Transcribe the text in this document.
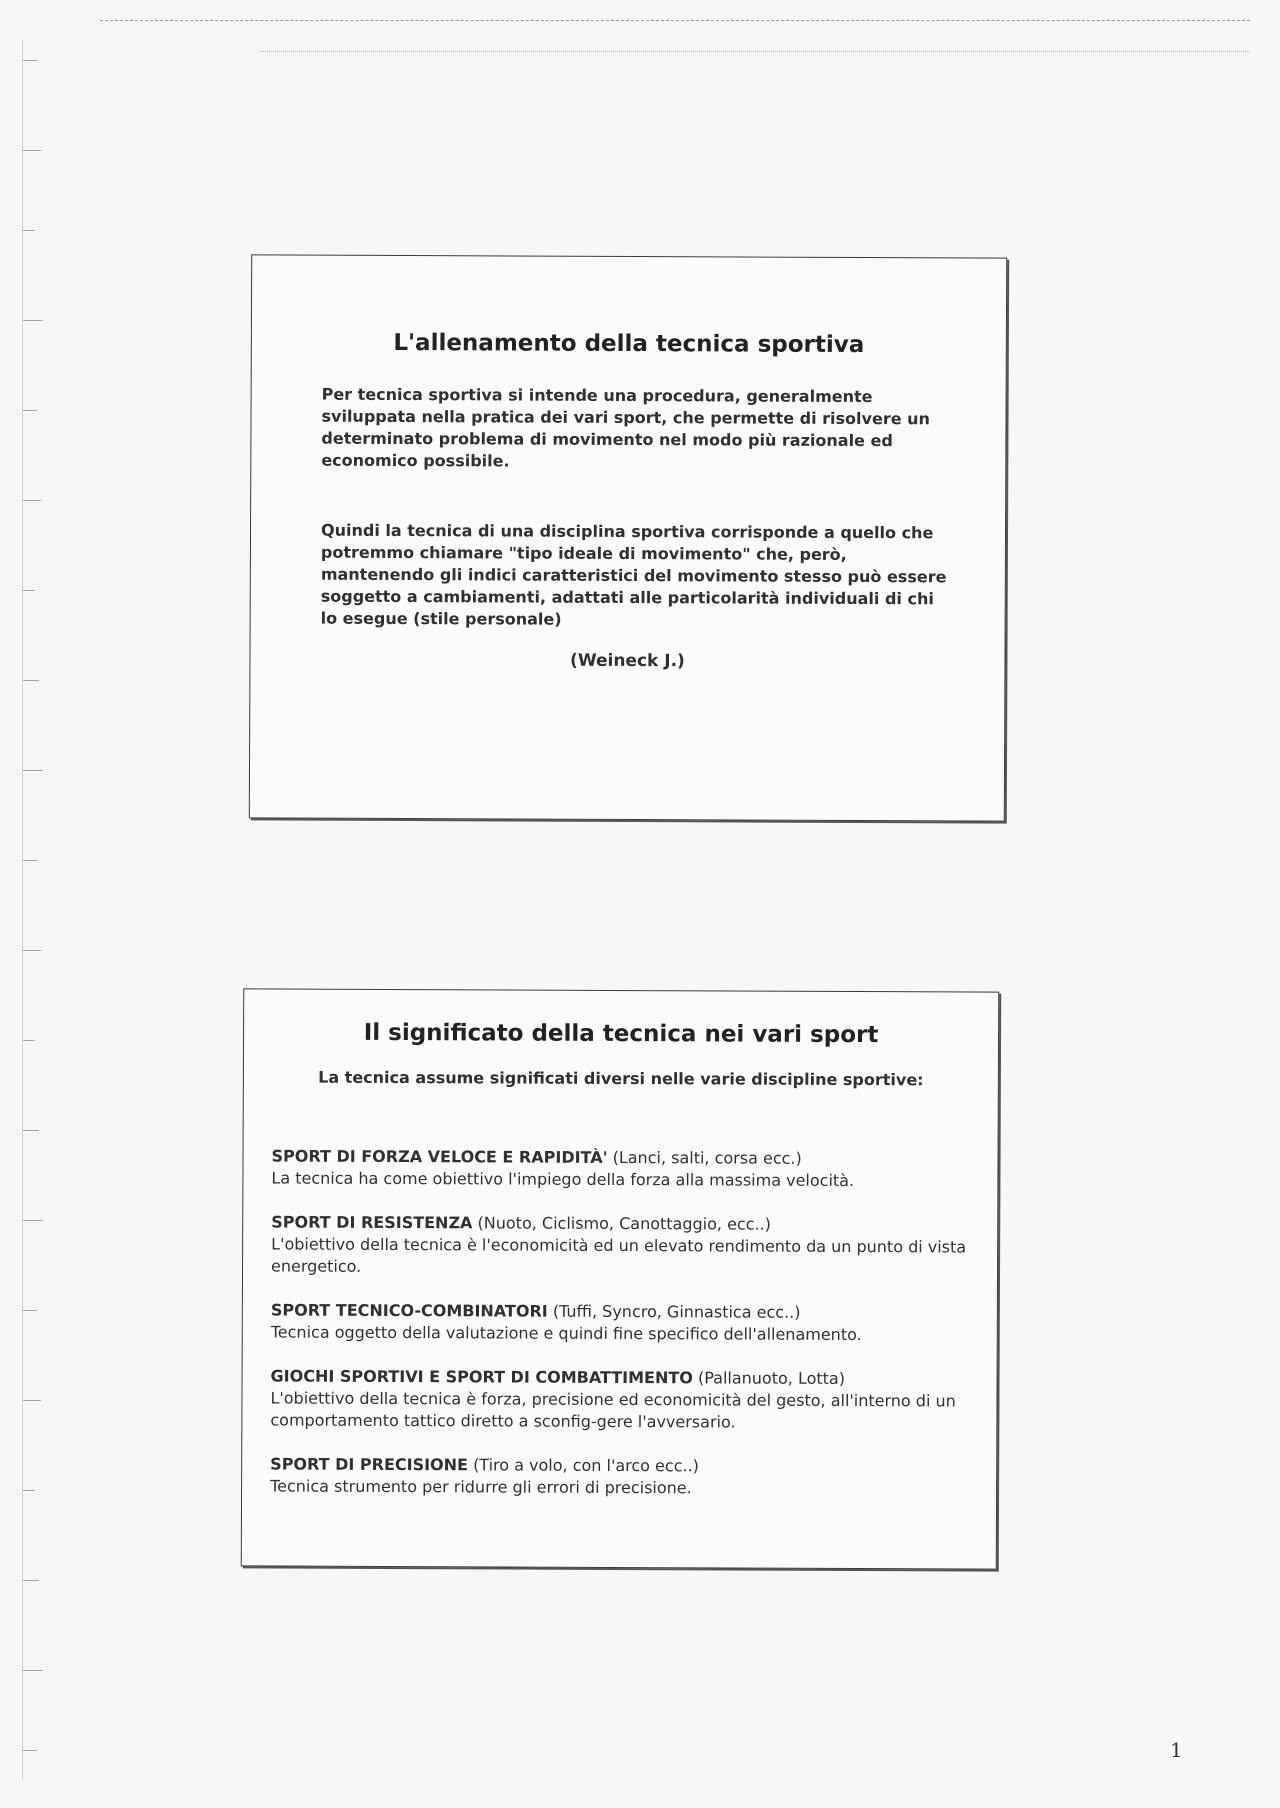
L'allenamento della tecnica sportiva

Per tecnica sportiva si intende una procedura, generalmente sviluppata nella pratica dei vari sport, che permette di risolvere un determinato problema di movimento nel modo più razionale ed economico possibile.

Quindi la tecnica di una disciplina sportiva corrisponde a quello che potremmo chiamare "tipo ideale di movimento" che, però, mantenendo gli indici caratteristici del movimento stesso può essere soggetto a cambiamenti, adattati alle particolarità individuali di chi lo esegue (stile personale)

(Weineck J.)
Il significato della tecnica nei vari sport
La tecnica assume significati diversi nelle varie discipline sportive:
SPORT DI FORZA VELOCE E RAPIDITÀ' (Lanci, salti, corsa ecc.)
La tecnica ha come obiettivo l'impiego della forza alla massima velocità.
SPORT DI RESISTENZA (Nuoto, Ciclismo, Canottaggio, ecc..)
L'obiettivo della tecnica è l'economicità ed un elevato rendimento da un punto di vista energetico.
SPORT TECNICO-COMBINATORI (Tuffi, Syncro, Ginnastica ecc..)
Tecnica oggetto della valutazione e quindi fine specifico dell'allenamento.
GIOCHI SPORTIVI E SPORT DI COMBATTIMENTO (Pallanuoto, Lotta)
L'obiettivo della tecnica è forza, precisione ed economicità del gesto, all'interno di un comportamento tattico diretto a sconfig-gere l'avversario.
SPORT DI PRECISIONE (Tiro a volo, con l'arco ecc..)
Tecnica strumento per ridurre gli errori di precisione.
1
